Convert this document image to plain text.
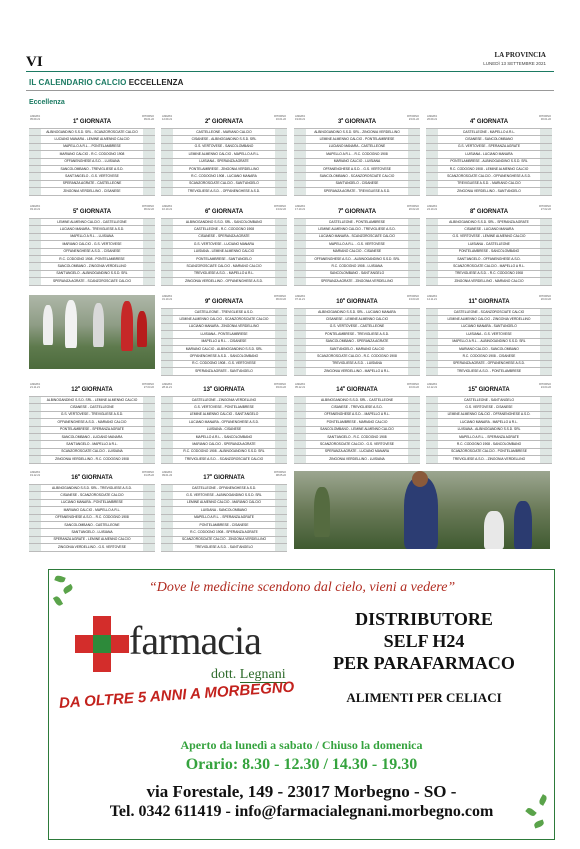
VI	LA PROVINCIA
LUNEDÌ 13 SETTEMBRE 2021
IL CALENDARIO CALCIO ECCELLENZA
Eccellenza
ANDATA
05.09.21	1$^a$ GIORNATA
RITORNO
09.01.22
ALBINOGANDINO S.S.D. SRL - SCANZOROSCIATE CALCIO
LUCIANO MANARA - LEMINE ALMENNO CALCIO
MAPELLO A R.L. - PONTELAMBRESE
MARIANO CALCIO - R.C. CODOGNO 1908
OFFANENGHESE A.S.D. - LUISIANA
SANCOLOMBANO - TREVIGLIESE A.S.D.
SANT'ANGELO - G.S. VERTOVESE
SPERANZA AGRATE - CASTELLEONE
ZINGONIA VERDELLINO - CISANESE
ANDATA
12.09.21	2$^a$ GIORNATA
RITORNO
16.01.22
CASTELLEONE - MARIANO CALCIO
CISANESE - ALBINOGANDINO S.S.D. SRL
G.S. VERTOVESE - SANCOLOMBANO
LEMINE ALMENNO CALCIO - MAPELLO A R.L.
LUISIANA - SPERANZA AGRATE
PONTELAMBRESE - ZINGONIA VERDELLINO
R.C. CODOGNO 1908 - LUCIANO MANARA
SCANZOROSCIATE CALCIO - SANT'ANGELO
TREVIGLIESE A.S.D. - OFFANENGHESE A.S.D.
ANDATA
19.09.21	3$^a$ GIORNATA
RITORNO
23.01.22
ALBINOGANDINO S.S.D. SRL - ZINGONIA VERDELLINO
LEMINE ALMENNO CALCIO - PONTELAMBRESE
LUCIANO MANARA - CASTELLEONE
MAPELLO A R.L. - R.C. CODOGNO 1908
MARIANO CALCIO - LUISIANA
OFFANENGHESE A.S.D. - G.S. VERTOVESE
SANCOLOMBANO - SCANZOROSCIATE CALCIO
SANT'ANGELO - CISANESE
SPERANZA AGRATE - TREVIGLIESE A.S.D.
ANDATA
26.09.21	4$^a$ GIORNATA
RITORNO
30.01.22
CASTELLEONE - MAPELLO A R.L.
CISANESE - SANCOLOMBANO
G.S. VERTOVESE - SPERANZA AGRATE
LUISIANA - LUCIANO MANARA
PONTELAMBRESE - ALBINOGANDINO S.S.D. SRL
R.C. CODOGNO 1908 - LEMINE ALMENNO CALCIO
SCANZOROSCIATE CALCIO - OFFANENGHESE A.S.D.
TREVIGLIESE A.S.D. - MARIANO CALCIO
ZINGONIA VERDELLINO - SANT'ANGELO
ANDATA
03.10.21	5$^a$ GIORNATA
RITORNO
06.02.22
LEMINE ALMENNO CALCIO - CASTELLEONE
LUCIANO MANARA - TREVIGLIESE A.S.D.
MAPELLO A R.L. - LUISIANA
MARIANO CALCIO - G.S. VERTOVESE
OFFANENGHESE A.S.D. - CISANESE
R.C. CODOGNO 1908 - PONTELAMBRESE
SANCOLOMBANO - ZINGONIA VERDELLINO
SANT'ANGELO - ALBINOGANDINO S.S.D. SRL
SPERANZA AGRATE - SCANZOROSCIATE CALCIO
ANDATA
10.10.21	6$^a$ GIORNATA
RITORNO
13.02.22
ALBINOGANDINO S.S.D. SRL - SANCOLOMBANO
CASTELLEONE - R.C. CODOGNO 1908
CISANESE - SPERANZA AGRATE
G.S. VERTOVESE - LUCIANO MANARA
LUISIANA - LEMINE ALMENNO CALCIO
PONTELAMBRESE - SANT'ANGELO
SCANZOROSCIATE CALCIO - MARIANO CALCIO
TREVIGLIESE A.S.D. - MAPELLO A R.L.
ZINGONIA VERDELLINO - OFFANENGHESE A.S.D.
ANDATA
17.10.21	7$^a$ GIORNATA
RITORNO
20.02.22
CASTELLEONE - PONTELAMBRESE
LEMINE ALMENNO CALCIO - TREVIGLIESE A.S.D.
LUCIANO MANARA - SCANZOROSCIATE CALCIO
MAPELLO A R.L. - G.S. VERTOVESE
MARIANO CALCIO - CISANESE
OFFANENGHESE A.S.D. - ALBINOGANDINO S.S.D. SRL
R.C. CODOGNO 1908 - LUISIANA
SANCOLOMBANO - SANT'ANGELO
SPERANZA AGRATE - ZINGONIA VERDELLINO
ANDATA
24.10.21	8$^a$ GIORNATA
RITORNO
27.02.22
ALBINOGANDINO S.S.D. SRL - SPERANZA AGRATE
CISANESE - LUCIANO MANARA
G.S. VERTOVESE - LEMINE ALMENNO CALCIO
LUISIANA - CASTELLEONE
PONTELAMBRESE - SANCOLOMBANO
SANT'ANGELO - OFFANENGHESE A.S.D.
SCANZOROSCIATE CALCIO - MAPELLO A R.L.
TREVIGLIESE A.S.D. - R.C. CODOGNO 1908
ZINGONIA VERDELLINO - MARIANO CALCIO
ANDATA
31.10.21	9$^a$ GIORNATA
RITORNO
06.03.22
CASTELLEONE - TREVIGLIESE A.S.D.
LEMINE ALMENNO CALCIO - SCANZOROSCIATE CALCIO
LUCIANO MANARA - ZINGONIA VERDELLINO
LUISIANA - PONTELAMBRESE
MAPELLO A R.L. - CISANESE
MARIANO CALCIO - ALBINOGANDINO S.S.D. SRL
OFFANENGHESE A.S.D. - SANCOLOMBANO
R.C. CODOGNO 1908 - G.S. VERTOVESE
SPERANZA AGRATE - SANT'ANGELO
ANDATA
07.11.21	10$^a$ GIORNATA
RITORNO
13.03.22
ALBINOGANDINO S.S.D. SRL - LUCIANO MANARA
CISANESE - LEMINE ALMENNO CALCIO
G.S. VERTOVESE - CASTELLEONE
PONTELAMBRESE - TREVIGLIESE A.S.D.
SANCOLOMBANO - SPERANZA AGRATE
SANT'ANGELO - MARIANO CALCIO
SCANZOROSCIATE CALCIO - R.C. CODOGNO 1908
TREVIGLIESE A.S.D. - LUISIANA
ZINGONIA VERDELLINO - MAPELLO A R.L.
ANDATA
14.11.21	11$^a$ GIORNATA
RITORNO
20.03.22
CASTELLEONE - SCANZOROSCIATE CALCIO
LEMINE ALMENNO CALCIO - ZINGONIA VERDELLINO
LUCIANO MANARA - SANT'ANGELO
LUISIANA - G.S. VERTOVESE
MAPELLO A R.L. - ALBINOGANDINO S.S.D. SRL
MARIANO CALCIO - SANCOLOMBANO
R.C. CODOGNO 1908 - CISANESE
SPERANZA AGRATE - OFFANENGHESE A.S.D.
TREVIGLIESE A.S.D. - PONTELAMBRESE
ANDATA
21.11.21	12$^a$ GIORNATA
RITORNO
27.03.22
ALBINOGANDINO S.S.D. SRL - LEMINE ALMENNO CALCIO
CISANESE - CASTELLEONE
G.S. VERTOVESE - TREVIGLIESE A.S.D.
OFFANENGHESE A.S.D. - MARIANO CALCIO
PONTELAMBRESE - SPERANZA AGRATE
SANCOLOMBANO - LUCIANO MANARA
SANT'ANGELO - MAPELLO A R.L.
SCANZOROSCIATE CALCIO - LUISIANA
ZINGONIA VERDELLINO - R.C. CODOGNO 1908
ANDATA
28.11.21	13$^a$ GIORNATA
RITORNO
03.04.22
CASTELLEONE - ZINGONIA VERDELLINO
G.S. VERTOVESE - PONTELAMBRESE
LEMINE ALMENNO CALCIO - SANT'ANGELO
LUCIANO MANARA - OFFANENGHESE A.S.D.
LUISIANA - CISANESE
MAPELLO A R.L. - SANCOLOMBANO
MARIANO CALCIO - SPERANZA AGRATE
R.C. CODOGNO 1908 - ALBINOGANDINO S.S.D. SRL
TREVIGLIESE A.S.D. - SCANZOROSCIATE CALCIO
ANDATA
05.12.21	14$^a$ GIORNATA
RITORNO
10.04.22
ALBINOGANDINO S.S.D. SRL - CASTELLEONE
CISANESE - TREVIGLIESE A.S.D.
OFFANENGHESE A.S.D. - MAPELLO A R.L.
PONTELAMBRESE - MARIANO CALCIO
SANCOLOMBANO - LEMINE ALMENNO CALCIO
SANT'ANGELO - R.C. CODOGNO 1908
SCANZOROSCIATE CALCIO - G.S. VERTOVESE
SPERANZA AGRATE - LUCIANO MANARA
ZINGONIA VERDELLINO - LUISIANA
ANDATA
12.12.21	15$^a$ GIORNATA
RITORNO
24.04.22
CASTELLEONE - SANT'ANGELO
G.S. VERTOVESE - CISANESE
LEMINE ALMENNO CALCIO - OFFANENGHESE A.S.D.
LUCIANO MANARA - MAPELLO A R.L.
LUISIANA - ALBINOGANDINO S.S.D. SRL
MAPELLO A R.L. - SPERANZA AGRATE
R.C. CODOGNO 1908 - SANCOLOMBANO
SCANZOROSCIATE CALCIO - PONTELAMBRESE
TREVIGLIESE A.S.D. - ZINGONIA VERDELLINO
ANDATA
19.12.21	16$^a$ GIORNATA
RITORNO
01.05.22
ALBINOGANDINO S.S.D. SRL - TREVIGLIESE A.S.D.
CISANESE - SCANZOROSCIATE CALCIO
LUCIANO MANARA - PONTELAMBRESE
MARIANO CALCIO - MAPELLO A R.L.
OFFANENGHESE A.S.D. - R.C. CODOGNO 1908
SANCOLOMBANO - CASTELLEONE
SANT'ANGELO - LUISIANA
SPERANZA AGRATE - LEMINE ALMENNO CALCIO
ZINGONIA VERDELLINO - G.S. VERTOVESE
ANDATA
09.01.22	17$^a$ GIORNATA
RITORNO
08.05.22
CASTELLEONE - OFFANENGHESE A.S.D.
G.S. VERTOVESE - ALBINOGANDINO S.S.D. SRL
LEMINE ALMENNO CALCIO - MARIANO CALCIO
LUISIANA - SANCOLOMBANO
MAPELLO A R.L. - SPERANZA AGRATE
PONTELAMBRESE - CISANESE
R.C. CODOGNO 1908 - SPERANZA AGRATE
SCANZOROSCIATE CALCIO - ZINGONIA VERDELLINO
TREVIGLIESE A.S.D. - SANT'ANGELO
“Dove le medicine scendono dal cielo, vieni a vedere”
farmacia
dott. Legnani
DA OLTRE 5 ANNI A MORBEGNO
DISTRIBUTORE
SELF H24
PER PARAFARMACO
ALIMENTI PER CELIACI
Aperto da lunedì a sabato / Chiuso la domenica
Orario: 8.30 - 12.30 / 14.30 - 19.30
via Forestale, 149 - 23017 Morbegno - SO -
Tel. 0342 611419 - info@farmacialegnani.morbegno.com
